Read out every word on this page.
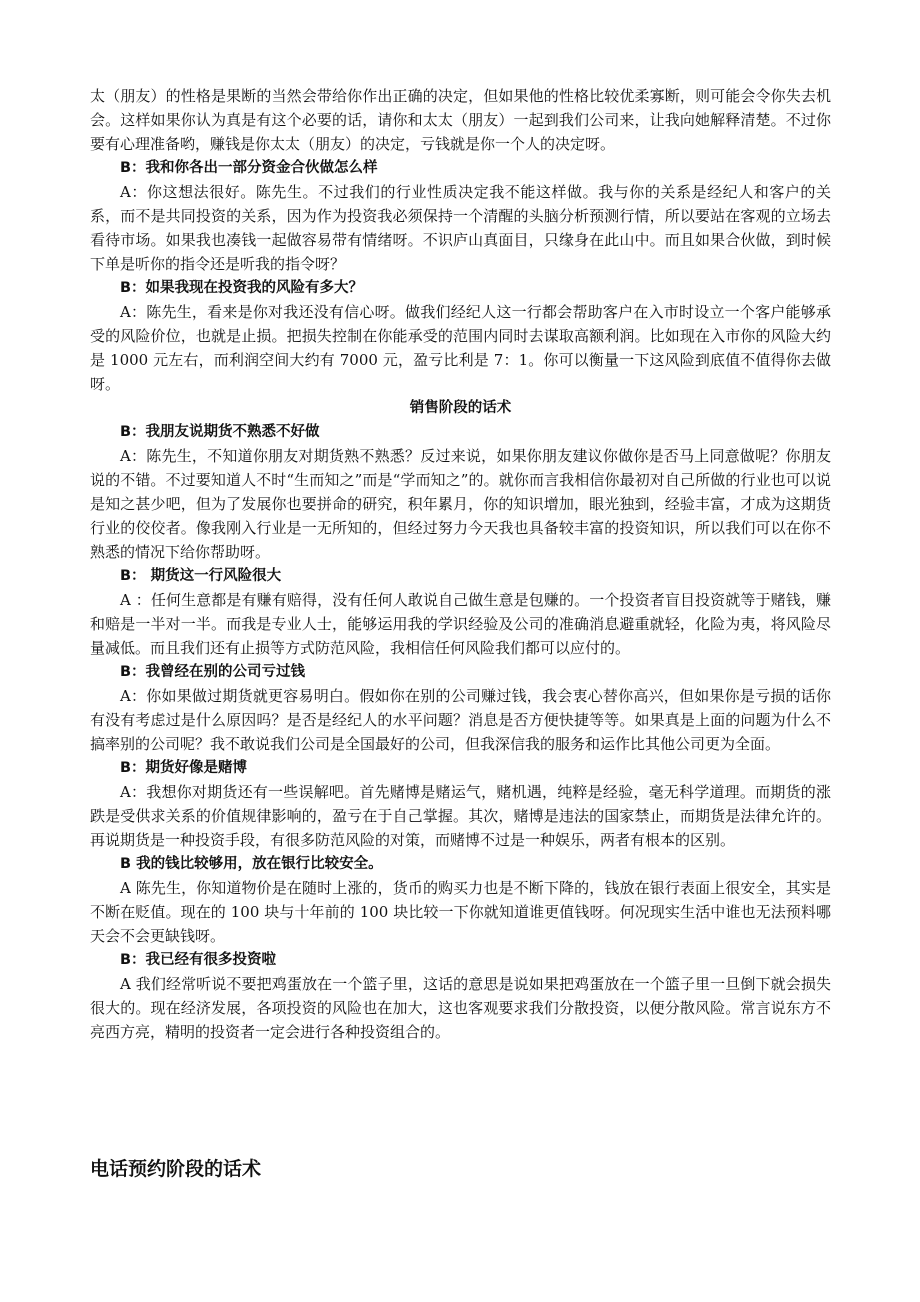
太（朋友）的性格是果断的当然会带给你作出正确的决定，但如果他的性格比较优柔寡断，则可能会令你失去机会。这样如果你认为真是有这个必要的话，请你和太太（朋友）一起到我们公司来，让我向她解释清楚。不过你要有心理准备哟，赚钱是你太太（朋友）的决定，亏钱就是你一个人的决定呀。

B：我和你各出一部分资金合伙做怎么样

A：你这想法很好。陈先生。不过我们的行业性质决定我不能这样做。我与你的关系是经纪人和客户的关系，而不是共同投资的关系，因为作为投资我必须保持一个清醒的头脑分析预测行情，所以要站在客观的立场去看待市场。如果我也凑钱一起做容易带有情绪呀。不识庐山真面目，只缘身在此山中。而且如果合伙做，到时候下单是听你的指令还是听我的指令呀？

B：如果我现在投资我的风险有多大？

A：陈先生，看来是你对我还没有信心呀。做我们经纪人这一行都会帮助客户在入市时设立一个客户能够承受的风险价位，也就是止损。把损失控制在你能承受的范围内同时去谋取高额利润。比如现在入市你的风险大约是 1000 元左右，而利润空间大约有 7000 元，盈亏比利是 7：1。你可以衡量一下这风险到底值不值得你去做呀。

销售阶段的话术

B：我朋友说期货不熟悉不好做

A：陈先生，不知道你朋友对期货熟不熟悉？反过来说，如果你朋友建议你做你是否马上同意做呢？你朋友说的不错。不过要知道人不时“生而知之”而是“学而知之”的。就你而言我相信你最初对自己所做的行业也可以说是知之甚少吧，但为了发展你也要拼命的研究，积年累月，你的知识增加，眼光独到，经验丰富，才成为这期货行业的佼佼者。像我刚入行业是一无所知的，但经过努力今天我也具备较丰富的投资知识，所以我们可以在你不熟悉的情况下给你帮助呀。

B： 期货这一行风险很大

A ：任何生意都是有赚有赔得，没有任何人敢说自己做生意是包赚的。一个投资者盲目投资就等于赌钱，赚和赔是一半对一半。而我是专业人士，能够运用我的学识经验及公司的准确消息避重就轻，化险为夷，将风险尽量减低。而且我们还有止损等方式防范风险，我相信任何风险我们都可以应付的。

B：我曾经在别的公司亏过钱

A：你如果做过期货就更容易明白。假如你在别的公司赚过钱，我会衷心替你高兴，但如果你是亏损的话你有没有考虑过是什么原因吗？是否是经纪人的水平问题？消息是否方便快捷等等。如果真是上面的问题为什么不搞率别的公司呢？我不敢说我们公司是全国最好的公司，但我深信我的服务和运作比其他公司更为全面。

B：期货好像是赌博

A：我想你对期货还有一些误解吧。首先赌博是赌运气，赌机遇，纯粹是经验，毫无科学道理。而期货的涨跌是受供求关系的价值规律影响的，盈亏在于自己掌握。其次，赌博是违法的国家禁止，而期货是法律允许的。再说期货是一种投资手段，有很多防范风险的对策，而赌博不过是一种娱乐，两者有根本的区别。

B 我的钱比较够用，放在银行比较安全。

A 陈先生，你知道物价是在随时上涨的，货币的购买力也是不断下降的，钱放在银行表面上很安全，其实是不断在贬值。现在的 100 块与十年前的 100 块比较一下你就知道谁更值钱呀。何况现实生活中谁也无法预料哪天会不会更缺钱呀。

B：我已经有很多投资啦

A 我们经常听说不要把鸡蛋放在一个篮子里，这话的意思是说如果把鸡蛋放在一个篮子里一旦倒下就会损失很大的。现在经济发展，各项投资的风险也在加大，这也客观要求我们分散投资，以便分散风险。常言说东方不亮西方亮，精明的投资者一定会进行各种投资组合的。

电话预约阶段的话术
